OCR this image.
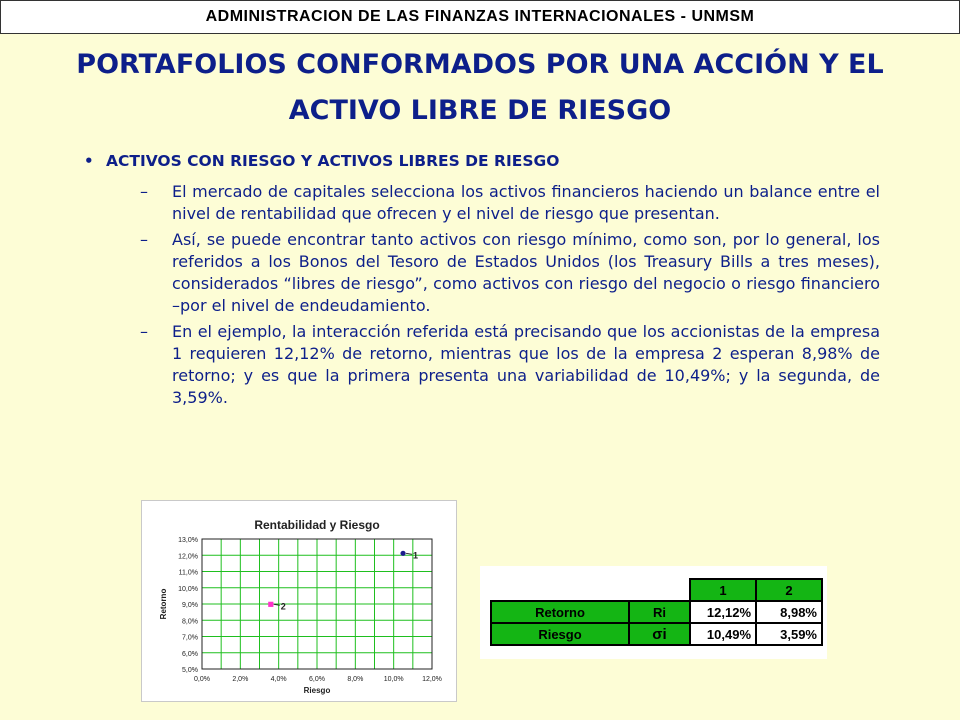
ADMINISTRACION DE LAS FINANZAS INTERNACIONALES - UNMSM
PORTAFOLIOS CONFORMADOS POR UNA ACCIÓN Y EL
ACTIVO LIBRE DE RIESGO
• ACTIVOS CON RIESGO Y ACTIVOS LIBRES DE RIESGO
–	El mercado de capitales selecciona los activos financieros haciendo un balance entre el nivel de rentabilidad que ofrecen y el nivel de riesgo que presentan.
–	Así, se puede encontrar tanto activos con riesgo mínimo, como son, por lo general, los referidos a los Bonos del Tesoro de Estados Unidos (los Treasury Bills a tres meses), considerados “libres de riesgo”, como activos con riesgo del negocio o riesgo financiero –por el nivel de endeudamiento.
–	En el ejemplo, la interacción referida está precisando que los accionistas de la empresa 1 requieren 12,12% de retorno, mientras que los de la empresa 2 esperan 8,98% de retorno; y es que la primera presenta una variabilidad de 10,49%; y la segunda, de 3,59%.
Rentabilidad y Riesgo
13,0%
12,0%
11,0%
10,0%
9,0%
8,0%
7,0%
6,0%
5,0%
0,0%	2,0%	4,0%	6,0%	8,0%	10,0%	12,0%
Riesgo
Retorno
1
2
		1	2
Retorno	Ri	12,12%	8,98%
Riesgo	σi	10,49%	3,59%
